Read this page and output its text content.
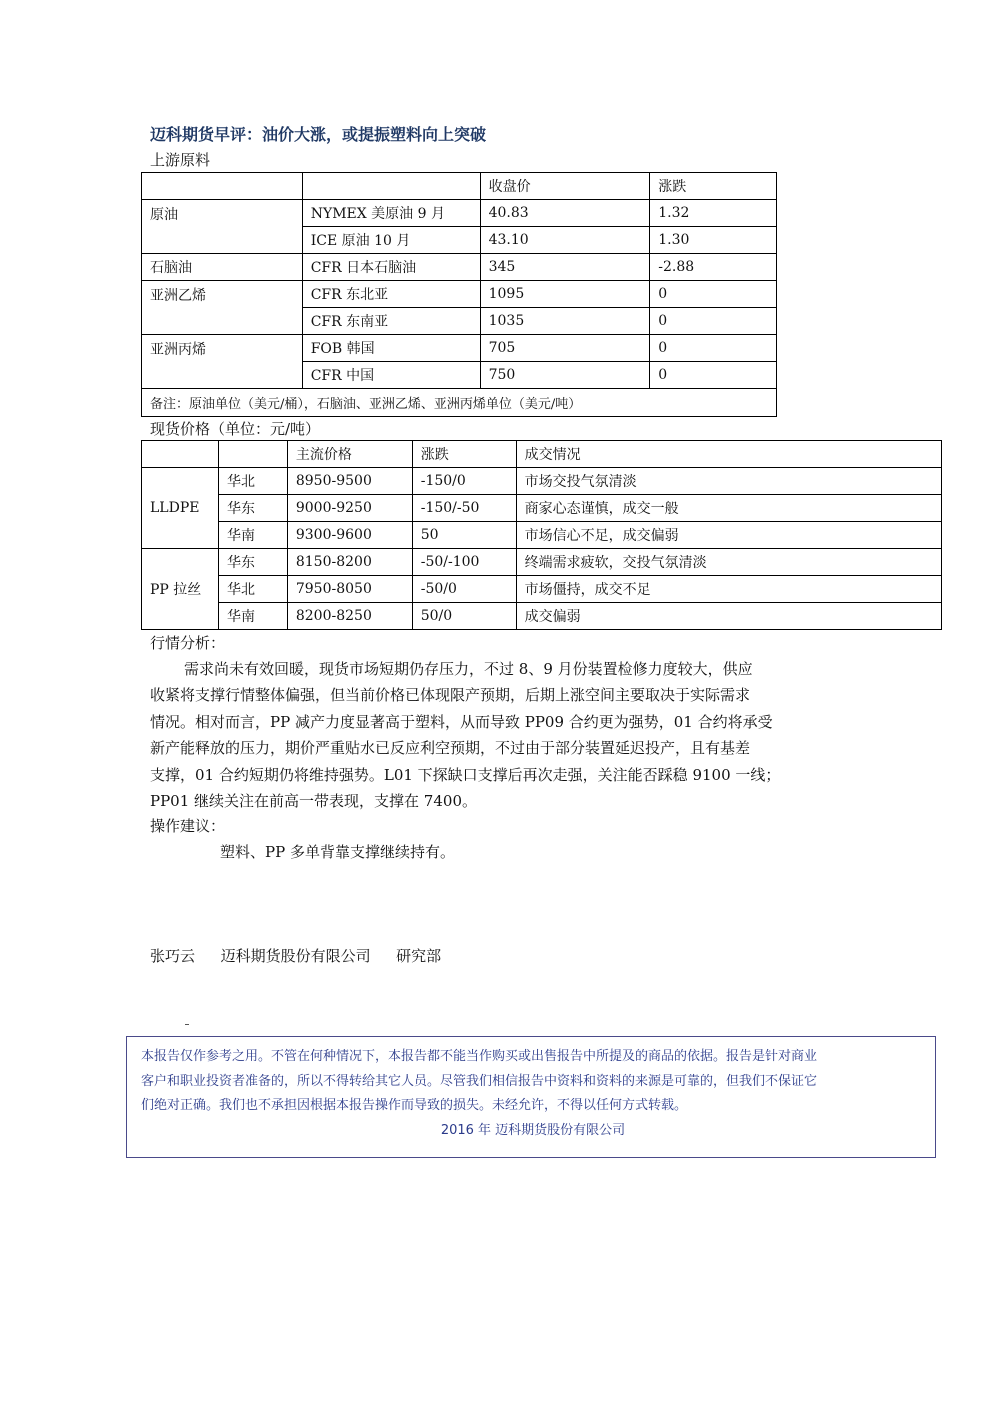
迈科期货早评：油价大涨，或提振塑料向上突破
上游原料
		收盘价	涨跌
原油	NYMEX 美原油 9 月	40.83	1.32
	ICE 原油 10 月	43.10	1.30
石脑油	CFR 日本石脑油	345	-2.88
亚洲乙烯	CFR 东北亚	1095	0
	CFR 东南亚	1035	0
亚洲丙烯	FOB 韩国	705	0
	CFR 中国	750	0
备注：原油单位（美元/桶），石脑油、亚洲乙烯、亚洲丙烯单位（美元/吨）			
现货价格（单位：元/吨）
		主流价格	涨跌	成交情况
LLDPE	华北	8950-9500	-150/0	市场交投气氛清淡
	华东	9000-9250	-150/-50	商家心态谨慎，成交一般
	华南	9300-9600	50	市场信心不足，成交偏弱
PP 拉丝	华东	8150-8200	-50/-100	终端需求疲软，交投气氛清淡
	华北	7950-8050	-50/0	市场僵持，成交不足
	华南	8200-8250	50/0	成交偏弱
行情分析：
需求尚未有效回暖，现货市场短期仍存压力，不过 8、9 月份装置检修力度较大，供应
收紧将支撑行情整体偏强，但当前价格已体现限产预期，后期上涨空间主要取决于实际需求
情况。相对而言，PP 减产力度显著高于塑料，从而导致 PP09 合约更为强势，01 合约将承受
新产能释放的压力，期价严重贴水已反应利空预期，不过由于部分装置延迟投产，且有基差
支撑，01 合约短期仍将维持强势。L01 下探缺口支撑后再次走强，关注能否踩稳 9100 一线；
PP01 继续关注在前高一带表现，支撑在 7400。
操作建议：
塑料、PP 多单背靠支撑继续持有。
张巧云 迈科期货股份有限公司 研究部
本报告仅作参考之用。不管在何种情况下，本报告都不能当作购买或出售报告中所提及的商品的依据。报告是针对商业
客户和职业投资者准备的，所以不得转给其它人员。尽管我们相信报告中资料和资料的来源是可靠的，但我们不保证它
们绝对正确。我们也不承担因根据本报告操作而导致的损失。未经允许，不得以任何方式转载。
2016 年 迈科期货股份有限公司
